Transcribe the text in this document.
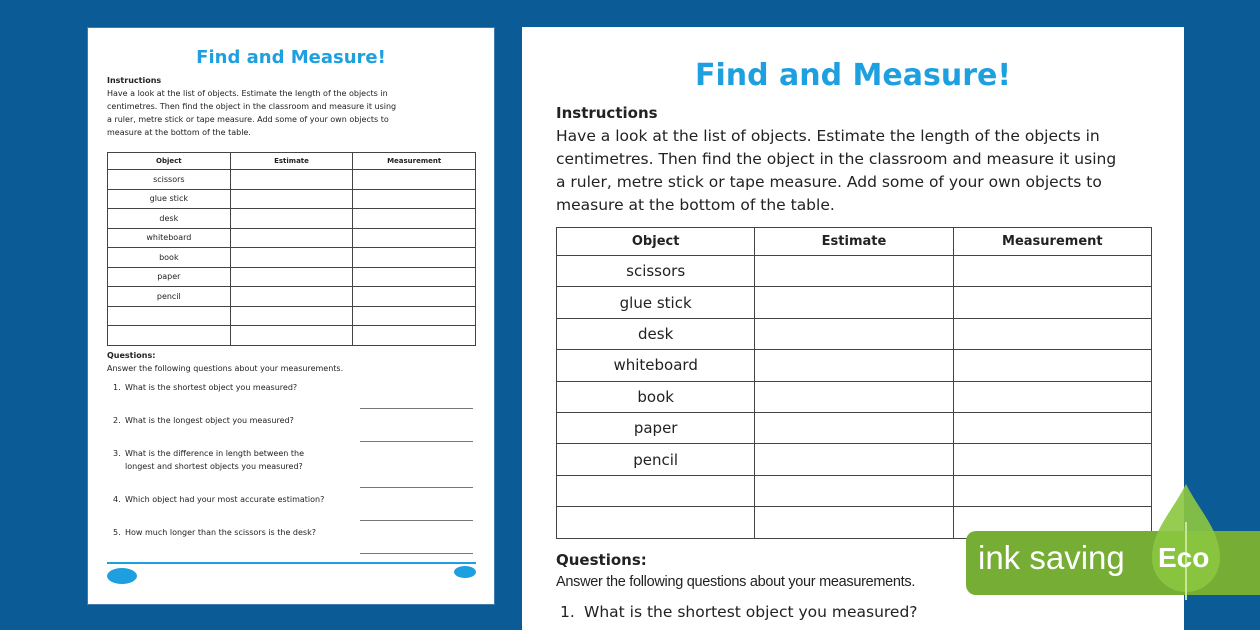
Find and Measure!
Instructions
Have a look at the list of objects. Estimate the length of the objects in
centimetres. Then find the object in the classroom and measure it using
a ruler, metre stick or tape measure. Add some of your own objects to
measure at the bottom of the table.
Object	Estimate	Measurement
scissors		
glue stick		
desk		
whiteboard		
book		
paper		
pencil		

Questions:
Answer the following questions about your measurements.
1. What is the shortest object you measured?
2. What is the longest object you measured?
3. What is the difference in length between the
longest and shortest objects you measured?
4. Which object had your most accurate estimation?
5. How much longer than the scissors is the desk?
Find and Measure!
Instructions
Have a look at the list of objects. Estimate the length of the objects in
centimetres. Then find the object in the classroom and measure it using
a ruler, metre stick or tape measure. Add some of your own objects to
measure at the bottom of the table.
Object	Estimate	Measurement
scissors		
glue stick		
desk		
whiteboard		
book		
paper		
pencil		

Questions:
Answer the following questions about your measurements.
1. What is the shortest object you measured?
ink saving Eco
